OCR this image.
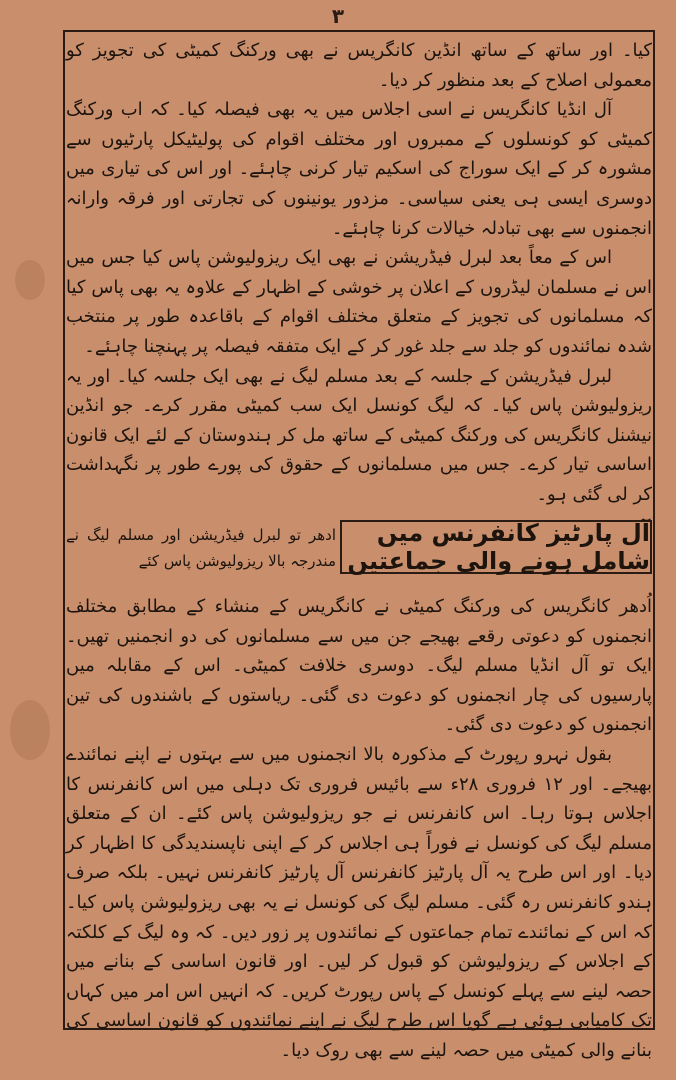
۳

کیا۔ اور ساتھ کے ساتھ انڈین کانگریس نے بھی ورکنگ کمیٹی کی تجویز کو معمولی اصلاح کے بعد منظور کر دیا۔

آل انڈیا کانگریس نے اسی اجلاس میں یہ بھی فیصلہ کیا۔ کہ اب ورکنگ کمیٹی کو کونسلوں کے ممبروں اور مختلف اقوام کی پولیٹیکل پارٹیوں سے مشورہ کر کے ایک سوراج کی اسکیم تیار کرنی چاہئے۔ اور اس کی تیاری میں دوسری ایسی ہی یعنی سیاسی۔ مزدور یونینوں کی تجارتی اور فرقہ وارانہ انجمنوں سے بھی تبادلہ خیالات کرنا چاہئے۔

اس کے معاً بعد لبرل فیڈریشن نے بھی ایک ریزولیوشن پاس کیا جس میں اس نے مسلمان لیڈروں کے اعلان پر خوشی کے اظہار کے علاوہ یہ بھی پاس کیا کہ مسلمانوں کی تجویز کے متعلق مختلف اقوام کے باقاعدہ طور پر منتخب شدہ نمائندوں کو جلد سے جلد غور کر کے ایک متفقہ فیصلہ پر پہنچنا چاہئے۔

لبرل فیڈریشن کے جلسہ کے بعد مسلم لیگ نے بھی ایک جلسہ کیا۔ اور یہ ریزولیوشن پاس کیا۔ کہ لیگ کونسل ایک سب کمیٹی مقرر کرے۔ جو انڈین نیشنل کانگریس کی ورکنگ کمیٹی کے ساتھ مل کر ہندوستان کے لئے ایک قانون اساسی تیار کرے۔ جس میں مسلمانوں کے حقوق کی پورے طور پر نگہداشت کر لی گئی ہو۔

آل پارٹیز کانفرنس میں شامل ہونے والی جماعتیں
ادھر تو لبرل فیڈریشن اور مسلم لیگ نے مندرجہ بالا ریزولیوشن پاس کئے

اُدھر کانگریس کی ورکنگ کمیٹی نے کانگریس کے منشاء کے مطابق مختلف انجمنوں کو دعوتی رقعے بھیجے جن میں سے مسلمانوں کی دو انجمنیں تھیں۔ ایک تو آل انڈیا مسلم لیگ۔ دوسری خلافت کمیٹی۔ اس کے مقابلہ میں پارسیوں کی چار انجمنوں کو دعوت دی گئی۔ ریاستوں کے باشندوں کی تین انجمنوں کو دعوت دی گئی۔

بقول نہرو رپورٹ کے مذکورہ بالا انجمنوں میں سے بہتوں نے اپنے نمائندے بھیجے۔ اور ۱۲ فروری ۲۸ء سے بائیس فروری تک دہلی میں اس کانفرنس کا اجلاس ہوتا رہا۔ اس کانفرنس نے جو ریزولیوشن پاس کئے۔ ان کے متعلق مسلم لیگ کی کونسل نے فوراً ہی اجلاس کر کے اپنی ناپسندیدگی کا اظہار کر دیا۔ اور اس طرح یہ آل پارٹیز کانفرنس آل پارٹیز کانفرنس نہیں۔ بلکہ صرف ہندو کانفرنس رہ گئی۔ مسلم لیگ کی کونسل نے یہ بھی ریزولیوشن پاس کیا۔ کہ اس کے نمائندے تمام جماعتوں کے نمائندوں پر زور دیں۔ کہ وہ لیگ کے کلکتہ کے اجلاس کے ریزولیوشن کو قبول کر لیں۔ اور قانون اساسی کے بنانے میں حصہ لینے سے پہلے کونسل کے پاس رپورٹ کریں۔ کہ انہیں اس امر میں کہاں تک کامیابی ہوئی ہے گویا اس طرح لیگ نے اپنے نمائندوں کو قانون اساسی کی بنانے والی کمیٹی میں حصہ لینے سے بھی روک دیا۔
